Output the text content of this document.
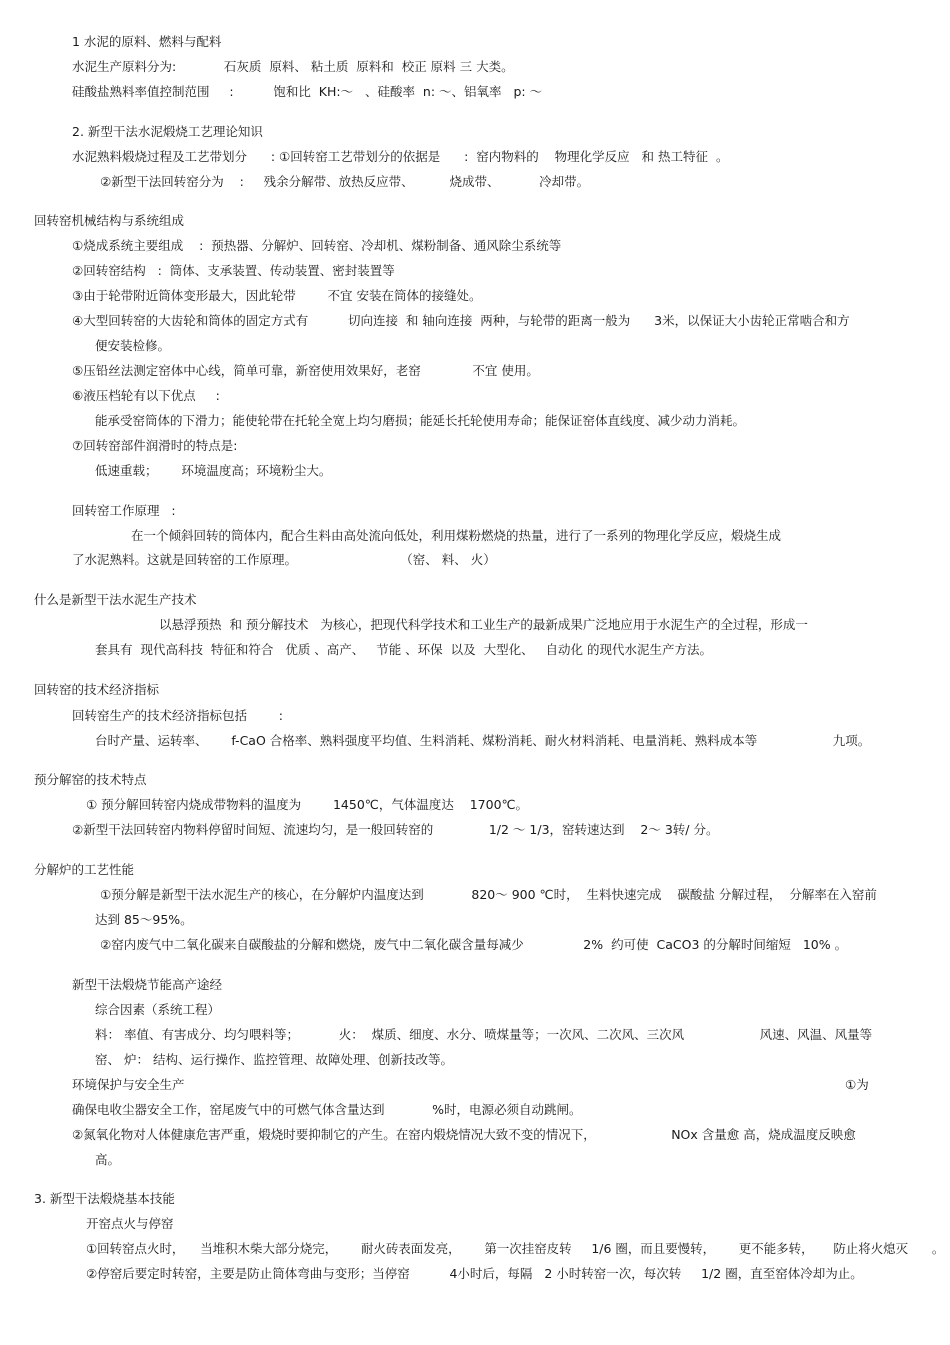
1 水泥的原料、燃料与配料
水泥生产原料分为:            石灰质  原料、 粘土质  原料和  校正 原料 三 大类。
硅酸盐熟料率值控制范围     :          饱和比  KH:～   、硅酸率  n: ～、铝氧率   p: ～
2. 新型干法水泥煅烧工艺理论知识
水泥熟料煅烧过程及工艺带划分      : ①回转窑工艺带划分的依据是      :  窑内物料的    物理化学反应   和 热工特征  。
②新型干法回转窑分为    :     残余分解带、放热反应带、         烧成带、          冷却带。
回转窑机械结构与系统组成
①烧成系统主要组成    :  预热器、分解炉、回转窑、冷却机、煤粉制备、通风除尘系统等
②回转窑结构   :  筒体、支承装置、传动装置、密封装置等
③由于轮带附近筒体变形最大，因此轮带        不宜 安装在筒体的接缝处。
④大型回转窑的大齿轮和筒体的固定方式有          切向连接  和 轴向连接  两种，与轮带的距离一般为      3米，以保证大小齿轮正常啮合和方
便安装检修。
⑤压铅丝法测定窑体中心线，简单可靠，新窑使用效果好，老窑             不宜 使用。
⑥液压档轮有以下优点     :
能承受窑筒体的下滑力；能使轮带在托轮全宽上均匀磨损；能延长托轮使用寿命；能保证窑体直线度、减少动力消耗。
⑦回转窑部件润滑时的特点是:
低速重载；      环境温度高；环境粉尘大。
回转窑工作原理   :
在一个倾斜回转的筒体内，配合生料由高处流向低处，利用煤粉燃烧的热量，进行了一系列的物理化学反应，煅烧生成
了水泥熟料。这就是回转窑的工作原理。                          （窑、 料、 火）
什么是新型干法水泥生产技术
以悬浮预热  和 预分解技术   为核心，把现代科学技术和工业生产的最新成果广泛地应用于水泥生产的全过程，形成一
套具有  现代高科技  特征和符合   优质 、高产、   节能 、环保  以及  大型化、   自动化 的现代水泥生产方法。
回转窑的技术经济指标
回转窑生产的技术经济指标包括        :
台时产量、运转率、      f-CaO 合格率、熟料强度平均值、生料消耗、煤粉消耗、耐火材料消耗、电量消耗、熟料成本等                   九项。
预分解窑的技术特点
① 预分解回转窑内烧成带物料的温度为        1450℃，气体温度达    1700℃。
②新型干法回转窑内物料停留时间短、流速均匀，是一般回转窑的              1/2 ～ 1/3，窑转速达到    2～ 3转/ 分。
分解炉的工艺性能
①预分解是新型干法水泥生产的核心，在分解炉内温度达到            820～ 900 ℃时，  生料快速完成    碳酸盐 分解过程，  分解率在入窑前
达到 85～95%。
②窑内废气中二氧化碳来自碳酸盐的分解和燃烧，废气中二氧化碳含量每减少               2%  约可使  CaCO3 的分解时间缩短   10% 。
新型干法煅烧节能高产途经
综合因素（系统工程）
料： 率值、有害成分、均匀喂料等；          火：  煤质、细度、水分、喷煤量等；一次风、二次风、三次风                   风速、风温、风量等
窑、 炉： 结构、运行操作、监控管理、故障处理、创新技改等。
环境保护与安全生产	①为
确保电收尘器安全工作，窑尾废气中的可燃气体含量达到            %时，电源必须自动跳闸。
②氮氧化物对人体健康危害严重，煅烧时要抑制它的产生。在窑内煅烧情况大致不变的情况下，                   NOx 含量愈 高，烧成温度反映愈
高。
3. 新型干法煅烧基本技能
开窑点火与停窑
①回转窑点火时，    当堆积木柴大部分烧完，      耐火砖表面发亮，      第一次挂窑皮转     1/6 圈，而且要慢转，      更不能多转，     防止将火熄灭      。
②停窑后要定时转窑，主要是防止筒体弯曲与变形；当停窑          4小时后，每隔   2 小时转窑一次，每次转     1/2 圈，直至窑体冷却为止。
